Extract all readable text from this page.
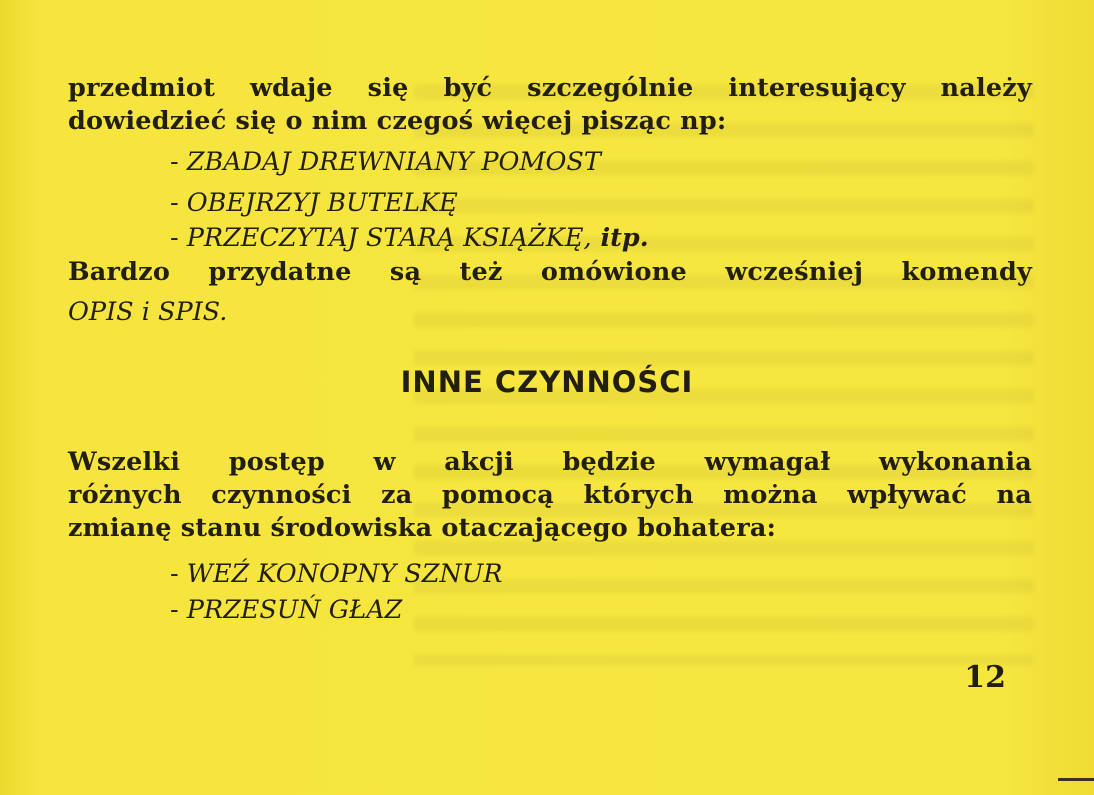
przedmiot wdaje się być szczególnie interesujący należy
dowiedzieć się o nim czegoś więcej pisząc np:
- ZBADAJ DREWNIANY POMOST
- OBEJRZYJ BUTELKĘ
- PRZECZYTAJ STARĄ KSIĄŻKĘ, itp.
Bardzo przydatne są też omówione wcześniej komendy
OPIS i SPIS.
INNE CZYNNOŚCI
Wszelki postęp w akcji będzie wymagał wykonania
różnych czynności za pomocą których można wpływać na
zmianę stanu środowiska otaczającego bohatera:
- WEŹ KONOPNY SZNUR
- PRZESUŃ GŁAZ
12
